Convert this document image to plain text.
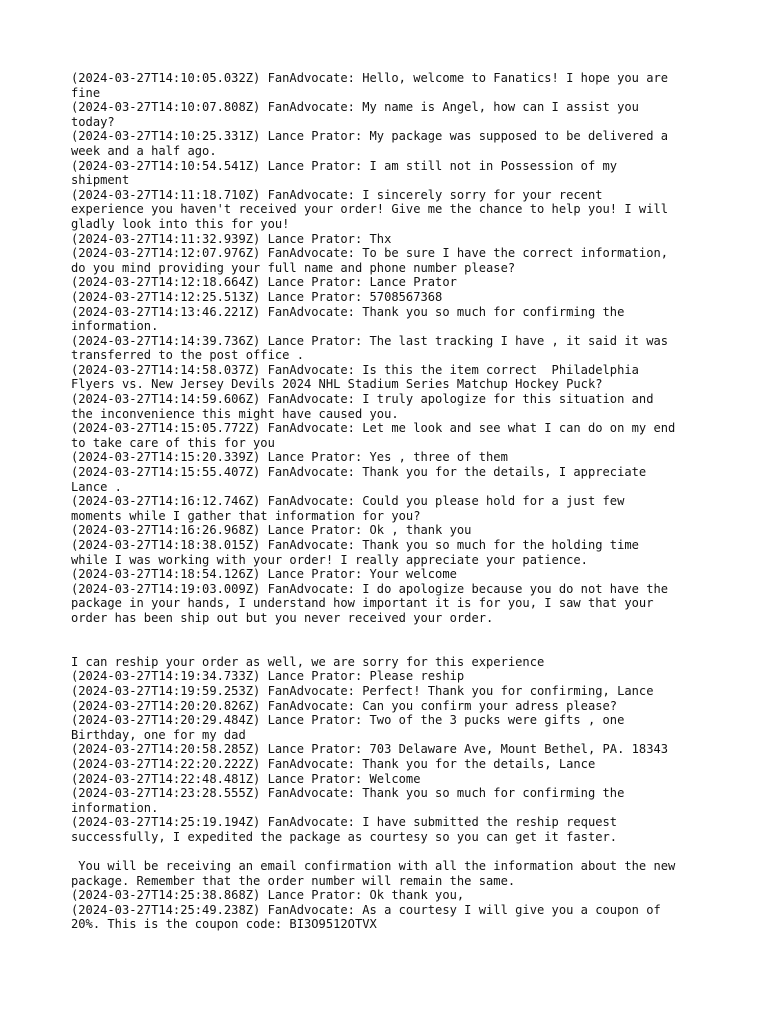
(2024-03-27T14:10:05.032Z) FanAdvocate: Hello, welcome to Fanatics! I hope you are
fine
(2024-03-27T14:10:07.808Z) FanAdvocate: My name is Angel, how can I assist you
today?
(2024-03-27T14:10:25.331Z) Lance Prator: My package was supposed to be delivered a
week and a half ago.
(2024-03-27T14:10:54.541Z) Lance Prator: I am still not in Possession of my
shipment
(2024-03-27T14:11:18.710Z) FanAdvocate: I sincerely sorry for your recent
experience you haven't received your order! Give me the chance to help you! I will
gladly look into this for you!
(2024-03-27T14:11:32.939Z) Lance Prator: Thx
(2024-03-27T14:12:07.976Z) FanAdvocate: To be sure I have the correct information,
do you mind providing your full name and phone number please?
(2024-03-27T14:12:18.664Z) Lance Prator: Lance Prator
(2024-03-27T14:12:25.513Z) Lance Prator: 5708567368
(2024-03-27T14:13:46.221Z) FanAdvocate: Thank you so much for confirming the
information.
(2024-03-27T14:14:39.736Z) Lance Prator: The last tracking I have , it said it was
transferred to the post office .
(2024-03-27T14:14:58.037Z) FanAdvocate: Is this the item correct  Philadelphia
Flyers vs. New Jersey Devils 2024 NHL Stadium Series Matchup Hockey Puck?
(2024-03-27T14:14:59.606Z) FanAdvocate: I truly apologize for this situation and
the inconvenience this might have caused you.
(2024-03-27T14:15:05.772Z) FanAdvocate: Let me look and see what I can do on my end
to take care of this for you
(2024-03-27T14:15:20.339Z) Lance Prator: Yes , three of them
(2024-03-27T14:15:55.407Z) FanAdvocate: Thank you for the details, I appreciate
Lance .
(2024-03-27T14:16:12.746Z) FanAdvocate: Could you please hold for a just few
moments while I gather that information for you?
(2024-03-27T14:16:26.968Z) Lance Prator: Ok , thank you
(2024-03-27T14:18:38.015Z) FanAdvocate: Thank you so much for the holding time
while I was working with your order! I really appreciate your patience.
(2024-03-27T14:18:54.126Z) Lance Prator: Your welcome
(2024-03-27T14:19:03.009Z) FanAdvocate: I do apologize because you do not have the
package in your hands, I understand how important it is for you, I saw that your
order has been ship out but you never received your order.
I can reship your order as well, we are sorry for this experience
(2024-03-27T14:19:34.733Z) Lance Prator: Please reship
(2024-03-27T14:19:59.253Z) FanAdvocate: Perfect! Thank you for confirming, Lance
(2024-03-27T14:20:20.826Z) FanAdvocate: Can you confirm your adress please?
(2024-03-27T14:20:29.484Z) Lance Prator: Two of the 3 pucks were gifts , one
Birthday, one for my dad
(2024-03-27T14:20:58.285Z) Lance Prator: 703 Delaware Ave, Mount Bethel, PA. 18343
(2024-03-27T14:22:20.222Z) FanAdvocate: Thank you for the details, Lance
(2024-03-27T14:22:48.481Z) Lance Prator: Welcome
(2024-03-27T14:23:28.555Z) FanAdvocate: Thank you so much for confirming the
information.
(2024-03-27T14:25:19.194Z) FanAdvocate: I have submitted the reship request
successfully, I expedited the package as courtesy so you can get it faster.
You will be receiving an email confirmation with all the information about the new
package. Remember that the order number will remain the same.
(2024-03-27T14:25:38.868Z) Lance Prator: Ok thank you,
(2024-03-27T14:25:49.238Z) FanAdvocate: As a courtesy I will give you a coupon of
20%. This is the coupon code: BI3O9512OTVX
